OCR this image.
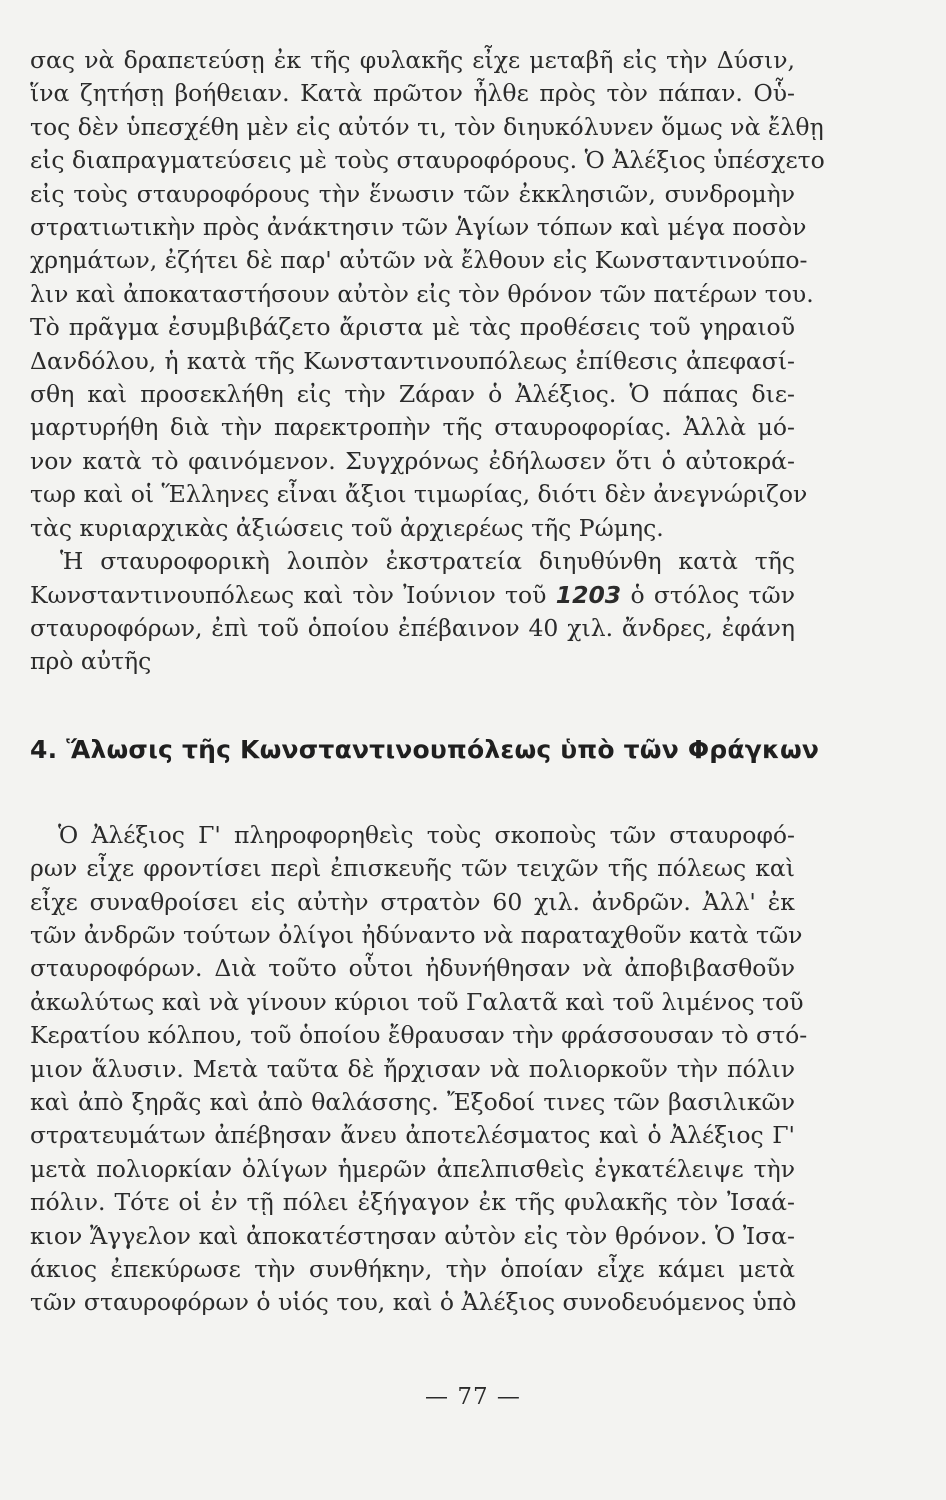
σας νὰ δραπετεύσῃ ἐκ τῆς φυλακῆς εἶχε μεταβῆ εἰς τὴν Δύσιν,
ἵνα ζητήσῃ βοήθειαν. Κατὰ πρῶτον ἦλθε πρὸς τὸν πάπαν. Οὗ-
τος δὲν ὑπεσχέθη μὲν εἰς αὐτόν τι, τὸν διηυκόλυνεν ὅμως νὰ ἔλθῃ
εἰς διαπραγματεύσεις μὲ τοὺς σταυροφόρους. Ὁ Ἀλέξιος ὑπέσχετο
εἰς τοὺς σταυροφόρους τὴν ἕνωσιν τῶν ἐκκλησιῶν, συνδρομὴν
στρατιωτικὴν πρὸς ἀνάκτησιν τῶν Ἁγίων τόπων καὶ μέγα ποσὸν
χρημάτων, ἐζήτει δὲ παρ' αὐτῶν νὰ ἔλθουν εἰς Κωνσταντινούπο-
λιν καὶ ἀποκαταστήσουν αὐτὸν εἰς τὸν θρόνον τῶν πατέρων του.
Τὸ πρᾶγμα ἐσυμβιβάζετο ἄριστα μὲ τὰς προθέσεις τοῦ γηραιοῦ
Δανδόλου, ἡ κατὰ τῆς Κωνσταντινουπόλεως ἐπίθεσις ἀπεφασί-
σθη καὶ προσεκλήθη εἰς τὴν Ζάραν ὁ Ἀλέξιος. Ὁ πάπας διε-
μαρτυρήθη διὰ τὴν παρεκτροπὴν τῆς σταυροφορίας. Ἀλλὰ μό-
νον κατὰ τὸ φαινόμενον. Συγχρόνως ἐδήλωσεν ὅτι ὁ αὐτοκρά-
τωρ καὶ οἱ Ἕλληνες εἶναι ἄξιοι τιμωρίας, διότι δὲν ἀνεγνώριζον
τὰς κυριαρχικὰς ἀξιώσεις τοῦ ἀρχιερέως τῆς Ρώμης.

Ἡ σταυροφορικὴ λοιπὸν ἐκστρατεία διηυθύνθη κατὰ τῆς
Κωνσταντινουπόλεως καὶ τὸν Ἰούνιον τοῦ 1203 ὁ στόλος τῶν
σταυροφόρων, ἐπὶ τοῦ ὁποίου ἐπέβαινον 40 χιλ. ἄνδρες, ἐφάνη
πρὸ αὐτῆς

4. Ἅλωσις τῆς Κωνσταντινουπόλεως ὑπὸ τῶν Φράγκων

Ὁ Ἀλέξιος Γ' πληροφορηθεὶς τοὺς σκοποὺς τῶν σταυροφό-
ρων εἶχε φροντίσει περὶ ἐπισκευῆς τῶν τειχῶν τῆς πόλεως καὶ
εἶχε συναθροίσει εἰς αὐτὴν στρατὸν 60 χιλ. ἀνδρῶν. Ἀλλ' ἐκ
τῶν ἀνδρῶν τούτων ὀλίγοι ἠδύναντο νὰ παραταχθοῦν κατὰ τῶν
σταυροφόρων. Διὰ τοῦτο οὗτοι ἠδυνήθησαν νὰ ἀποβιβασθοῦν
ἀκωλύτως καὶ νὰ γίνουν κύριοι τοῦ Γαλατᾶ καὶ τοῦ λιμένος τοῦ
Κερατίου κόλπου, τοῦ ὁποίου ἔθραυσαν τὴν φράσσουσαν τὸ στό-
μιον ἅλυσιν. Μετὰ ταῦτα δὲ ἤρχισαν νὰ πολιορκοῦν τὴν πόλιν
καὶ ἀπὸ ξηρᾶς καὶ ἀπὸ θαλάσσης. Ἔξοδοί τινες τῶν βασιλικῶν
στρατευμάτων ἀπέβησαν ἄνευ ἀποτελέσματος καὶ ὁ Ἀλέξιος Γ'
μετὰ πολιορκίαν ὀλίγων ἡμερῶν ἀπελπισθεὶς ἐγκατέλειψε τὴν
πόλιν. Τότε οἱ ἐν τῇ πόλει ἐξήγαγον ἐκ τῆς φυλακῆς τὸν Ἰσαά-
κιον Ἄγγελον καὶ ἀποκατέστησαν αὐτὸν εἰς τὸν θρόνον. Ὁ Ἰσα-
άκιος ἐπεκύρωσε τὴν συνθήκην, τὴν ὁποίαν εἶχε κάμει μετὰ
τῶν σταυροφόρων ὁ υἱός του, καὶ ὁ Ἀλέξιος συνοδευόμενος ὑπὸ

— 77 —
